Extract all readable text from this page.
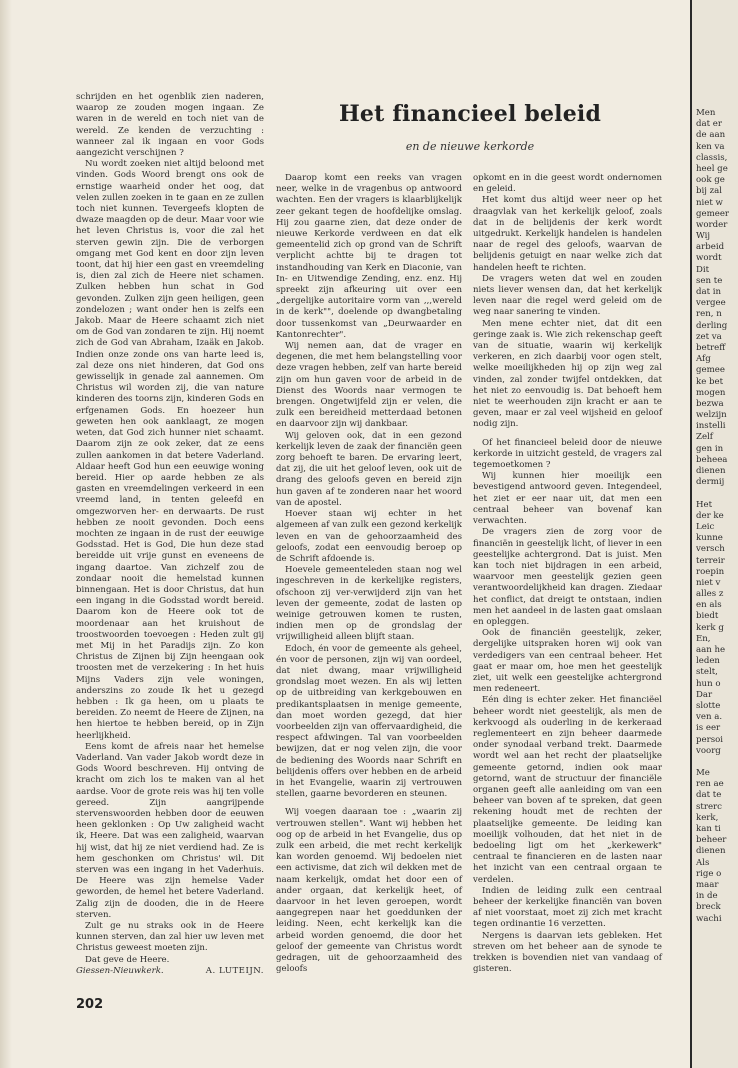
Het financieel beleid
en de nieuwe kerkorde

schrijden en het ogenblik zien naderen, waarop ze zouden mogen ingaan. Ze waren in de wereld en toch niet van de wereld. Ze kenden de verzuchting : wanneer zal ik ingaan en voor Gods aangezicht verschijnen ?

Nu wordt zoeken niet altijd beloond met vinden. Gods Woord brengt ons ook de ernstige waarheid onder het oog, dat velen zullen zoeken in te gaan en ze zullen toch niet kunnen. Tevergeefs klopten de dwaze maagden op de deur. Maar voor wie het leven Christus is, voor die zal het sterven gewin zijn. Die de verborgen omgang met God kent en door zijn leven toont, dat hij hier een gast en vreemdeling is, dien zal zich de Heere niet schamen. Zulken hebben hun schat in God gevonden. Zulken zijn geen heiligen, geen zondelozen ; want onder hen is zelfs een Jakob. Maar de Heere schaamt zich niet om de God van zondaren te zijn. Hij noemt zich de God van Abraham, Izaäk en Jakob. Indien onze zonde ons van harte leed is, zal deze ons niet hinderen, dat God ons gewisselijk in genade zal aannemen. Om Christus wil worden zij, die van nature kinderen des toorns zijn, kinderen Gods en erfgenamen Gods. En hoezeer hun geweten hen ook aanklaagt, ze mogen weten, dat God zich hunner niet schaamt. Daarom zijn ze ook zeker, dat ze eens zullen aankomen in dat betere Vaderland. Aldaar heeft God hun een eeuwige woning bereid. Hier op aarde hebben ze als gasten en vreemdelingen verkeerd in een vreemd land, in tenten geleefd en omgezworven her- en derwaarts. De rust hebben ze nooit gevonden. Doch eens mochten ze ingaan in de rust der eeuwige Godsstad. Het is God, Die hun deze stad bereidde uit vrije gunst en eveneens de ingang daartoe. Van zichzelf zou de zondaar nooit die hemelstad kunnen binnengaan. Het is door Christus, dat hun een ingang in die Godsstad wordt bereid. Daarom kon de Heere ook tot de moordenaar aan het kruishout de troostwoorden toevoegen : Heden zult gij met Mij in het Paradijs zijn. Zo kon Christus de Zijnen bij Zijn heengaan ook troosten met de verzekering : In het huis Mijns Vaders zijn vele woningen, anderszins zo zoude Ik het u gezegd hebben : Ik ga heen, om u plaats te bereiden. Zo neemt de Heere de Zijnen, na hen hiertoe te hebben bereid, op in Zijn heerlijkheid.

Eens komt de afreis naar het hemelse Vaderland. Van vader Jakob wordt deze in Gods Woord beschreven. Hij ontving de kracht om zich los te maken van al het aardse. Voor de grote reis was hij ten volle gereed. Zijn aangrijpende stervenswoorden hebben door de eeuwen heen geklonken : Op Uw zaligheid wacht ik, Heere. Dat was een zaligheid, waarvan hij wist, dat hij ze niet verdiend had. Ze is hem geschonken om Christus' wil. Dit sterven was een ingang in het Vaderhuis. De Heere was zijn hemelse Vader geworden, de hemel het betere Vaderland. Zalig zijn de dooden, die in de Heere sterven.

Zult ge nu straks ook in de Heere kunnen sterven, dan zal hier uw leven met Christus geweest moeten zijn.

Dat geve de Heere.

Giessen-Nieuwkerk.	A. LUTEIJN.

Daarop komt een reeks van vragen neer, welke in de vragenbus op antwoord wachten. Een der vragers is klaarblijkelijk zeer gekant tegen de hoofdelijke omslag. Hij zou gaarne zien, dat deze onder de nieuwe Kerkorde verdween en dat elk gemeentelid zich op grond van de Schrift verplicht achtte bij te dragen tot instandhouding van Kerk en Diaconie, van In- en Uitwendige Zending, enz. enz. Hij spreekt zijn afkeuring uit over een „dergelijke autoritaire vorm van ,,,wereld in de kerk"", doelende op dwangbetaling door tussenkomst van „Deurwaarder en Kantonrechter".

Wij nemen aan, dat de vrager en degenen, die met hem belangstelling voor deze vragen hebben, zelf van harte bereid zijn om hun gaven voor de arbeid in de Dienst des Woords naar vermogen te brengen. Ongetwijfeld zijn er velen, die zulk een bereidheid metterdaad betonen en daarvoor zijn wij dankbaar.

Wij geloven ook, dat in een gezond kerkelijk leven de zaak der financiën geen zorg behoeft te baren. De ervaring leert, dat zij, die uit het geloof leven, ook uit de drang des geloofs geven en bereid zijn hun gaven af te zonderen naar het woord van de apostel.

Hoever staan wij echter in het algemeen af van zulk een gezond kerkelijk leven en van de gehoorzaamheid des geloofs, zodat een eenvoudig beroep op de Schrift afdoende is.

Hoevele gemeenteleden staan nog wel ingeschreven in de kerkelijke registers, ofschoon zij ver-verwijderd zijn van het leven der gemeente, zodat de lasten op weinige getrouwen komen te rusten, indien men op de grondslag der vrijwilligheid alleen blijft staan.

Edoch, én voor de gemeente als geheel, én voor de personen, zijn wij van oordeel, dat niet dwang, maar vrijwilligheid grondslag moet wezen. En als wij letten op de uitbreiding van kerkgebouwen en predikantsplaatsen in menige gemeente, dan moet worden gezegd, dat hier voorbeelden zijn van offervaardigheid, die respect afdwingen. Tal van voorbeelden bewijzen, dat er nog velen zijn, die voor de bediening des Woords naar Schrift en belijdenis offers over hebben en de arbeid in het Evangelie, waarin zij vertrouwen stellen, gaarne bevorderen en steunen.

Wij voegen daaraan toe : „waarin zij vertrouwen stellen". Want wij hebben het oog op de arbeid in het Evangelie, dus op zulk een arbeid, die met recht kerkelijk kan worden genoemd. Wij bedoelen niet een activisme, dat zich wil dekken met de naam kerkelijk, omdat het door een of ander orgaan, dat kerkelijk heet, of daarvoor in het leven geroepen, wordt aangegrepen naar het goeddunken der leiding. Neen, echt kerkelijk kan die arbeid worden genoemd, die door het geloof der gemeente van Christus wordt gedragen, uit de gehoorzaamheid des geloofs

opkomt en in die geest wordt ondernomen en geleid.

Het komt dus altijd weer neer op het draagvlak van het kerkelijk geloof, zoals dat in de belijdenis der kerk wordt uitgedrukt. Kerkelijk handelen is handelen naar de regel des geloofs, waarvan de belijdenis getuigt en naar welke zich dat handelen heeft te richten.

De vragers weten dat wel en zouden niets liever wensen dan, dat het kerkelijk leven naar die regel werd geleid om de weg naar sanering te vinden.

Men mene echter niet, dat dit een geringe zaak is. Wie zich rekenschap geeft van de situatie, waarin wij kerkelijk verkeren, en zich daarbij voor ogen stelt, welke moeilijkheden hij op zijn weg zal vinden, zal zonder twijfel ontdekken, dat het niet zo eenvoudig is. Dat behoeft hem niet te weerhouden zijn kracht er aan te geven, maar er zal veel wijsheid en geloof nodig zijn.

Of het financieel beleid door de nieuwe kerkorde in uitzicht gesteld, de vragers zal tegemoetkomen ?

Wij kunnen hier moeilijk een bevestigend antwoord geven. Integendeel, het ziet er eer naar uit, dat men een centraal beheer van bovenaf kan verwachten.

De vragers zien de zorg voor de financiën in geestelijk licht, of liever in een geestelijke achtergrond. Dat is juist. Men kan toch niet bijdragen in een arbeid, waarvoor men geestelijk gezien geen verantwoordelijkheid kan dragen. Ziedaar het conflict, dat dreigt te ontstaan, indien men het aandeel in de lasten gaat omslaan en opleggen.

Ook de financiën geestelijk, zeker, dergelijke uitspraken horen wij ook van verdedigers van een centraal beheer. Het gaat er maar om, hoe men het geestelijk ziet, uit welk een geestelijke achtergrond men redeneert.

Eén ding is echter zeker. Het financiëel beheer wordt niet geestelijk, als men de kerkvoogd als ouderling in de kerkeraad reglementeert en zijn beheer daarmede onder synodaal verband trekt. Daarmede wordt wel aan het recht der plaatselijke gemeente getornd, indien ook maar getornd, want de structuur der financiële organen geeft alle aanleiding om van een beheer van boven af te spreken, dat geen rekening houdt met de rechten der plaatselijke gemeente. De leiding kan moeilijk volhouden, dat het niet in de bedoeling ligt om het „kerkewerk" centraal te financieren en de lasten naar het inzicht van een centraal orgaan te verdelen.

Indien de leiding zulk een centraal beheer der kerkelijke financiën van boven af niet voorstaat, moet zij zich met kracht tegen ordinantie 16 verzetten.

Nergens is daarvan iets gebleken. Het streven om het beheer aan de synode te trekken is bovendien niet van vandaag of gisteren.

202
Men
dat er
de aan
ken va
classis,
heel ge
ook ge
bij zal
niet w
gemeer
worder
Wij
arbeid
wordt
Dit
sen te
dat in
vergee
ren, n
derling
zet va
betreff
Afg
gemee
ke bet
mogen
bezwa
welzijn
instelli
Zelf
gen in
beheea
dienen
dermij
Het
der ke
Leic
kunne
versch
terreir
roepin
niet v
alles z
en als
biedt
kerk g
En,
aan he
leden
stelt,
hun o
Dar
slotte
ven a.
is eer
persoi
voorg
Me
ren ae
dat te
strerc
kerk,
kan ti
beheer
dienen
Als
rige o
maar
in de
breck
wachi
